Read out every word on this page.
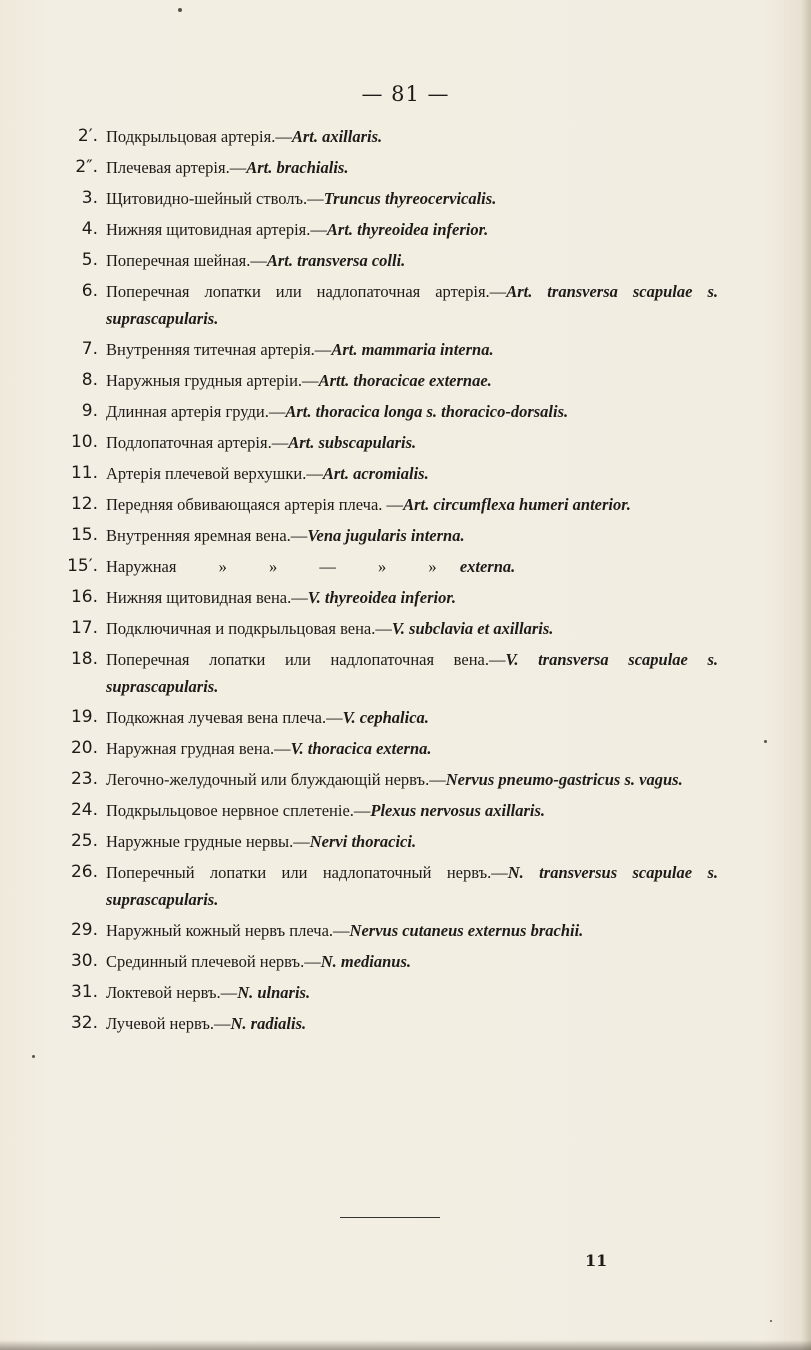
— 81 —
2′. Подкрыльцовая артерія.—Art. axillaris.
2″. Плечевая артерія.—Art. brachialis.
3. Щитовидно-шейный стволъ.—Truncus thyreocervicalis.
4. Нижняя щитовидная артерія.—Art. thyreoidea inferior.
5. Поперечная шейная.—Art. transversa colli.
6. Поперечная лопатки или надлопаточная артерія.—Art. transversa scapulae s. suprascapularis.
7. Внутренняя титечная артерія.—Art. mammaria interna.
8. Наружныя грудныя артеріи.—Artt. thoracicae externae.
9. Длинная артерія груди.—Art. thoracica longa s. thoracico-dorsalis.
10. Подлопаточная артерія.—Art. subscapularis.
11. Артерія плечевой верхушки.—Art. acromialis.
12. Передняя обвивающаяся артерія плеча. —Art. circumflexa humeri anterior.
15. Внутренняя яремная вена.—Vena jugularis interna.
15′. Наружная » » — » » externa.
16. Нижняя щитовидная вена.—V. thyreoidea inferior.
17. Подключичная и подкрыльцовая вена.—V. subclavia et axillaris.
18. Поперечная лопатки или надлопаточная вена.—V. transversa scapulae s. suprascapularis.
19. Подкожная лучевая вена плеча.—V. cephalica.
20. Наружная грудная вена.—V. thoracica externa.
23. Легочно-желудочный или блуждающій нервъ.—Nervus pneumo-gastricus s. vagus.
24. Подкрыльцовое нервное сплетеніе.—Plexus nervosus axillaris.
25. Наружные грудные нервы.—Nervi thoracici.
26. Поперечный лопатки или надлопаточный нервъ.—N. transversus scapulae s. suprascapularis.
29. Наружный кожный нервъ плеча.—Nervus cutaneus externus brachii.
30. Срединный плечевой нервъ.—N. medianus.
31. Локтевой нервъ.—N. ulnaris.
32. Лучевой нервъ.—N. radialis.
11
